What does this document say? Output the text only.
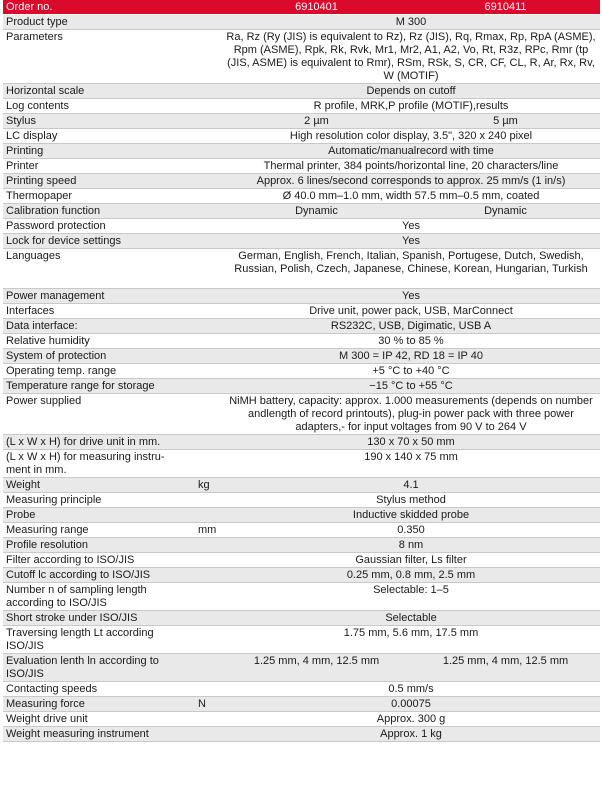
Order no.		6910401	6910411
Product type		M 300	
Parameters		Ra, Rz (Ry (JIS) is equivalent to Rz), Rz (JIS), Rq, Rmax, Rp, RpA (ASME), Rpm (ASME), Rpk, Rk, Rvk, Mr1, Mr2, A1, A2, Vo, Rt, R3z, RPc, Rmr (tp (JIS, ASME) is equivalent to Rmr), RSm, RSk, S, CR, CF, CL, R, Ar, Rx, Rv, W (MOTIF)	
Horizontal scale		Depends on cutoff	
Log contents		R profile, MRK,P profile (MOTIF),results	
Stylus		2 µm	5 µm
LC display		High resolution color display, 3.5", 320 x 240 pixel	
Printing		Automatic/manualrecord with time	
Printer		Thermal printer, 384 points/horizontal line, 20 characters/line	
Printing speed		Approx. 6 lines/second corresponds to approx. 25 mm/s (1 in/s)	
Thermopaper		Ø 40.0 mm–1.0 mm, width 57.5 mm–0.5 mm, coated	
Calibration function		Dynamic	Dynamic
Password protection		Yes	
Lock for device settings		Yes	
Languages		German, English, French, Italian, Spanish, Portugese, Dutch, Swedish, Russian, Polish, Czech, Japanese, Chinese, Korean, Hungarian, Turkish	
Power management		Yes	
Interfaces		Drive unit, power pack, USB, MarConnect	
Data interface:		RS232C, USB, Digimatic, USB A	
Relative humidity		30 % to 85 %	
System of protection		M 300 = IP 42, RD 18 = IP 40	
Operating temp. range		+5 °C to +40 °C	
Temperature range for storage		−15 °C to +55 °C	
Power supplied		NiMH battery, capacity: approx. 1.000 measurements (depends on number andlength of record printouts), plug-in power pack with three power adapters,- for input voltages from 90 V to 264 V	
(L x W x H) for drive unit in mm.		130 x 70 x 50 mm	
(L x W x H) for measuring instru- ment in mm.		190 x 140 x 75 mm	
Weight	kg	4.1	
Measuring principle		Stylus method	
Probe		Inductive skidded probe	
Measuring range	mm	0.350	
Profile resolution		8 nm	
Filter according to ISO/JIS		Gaussian filter, Ls filter	
Cutoff lc according to ISO/JIS		0.25 mm, 0.8 mm, 2.5 mm	
Number n of sampling length according to ISO/JIS		Selectable: 1–5	
Short stroke under ISO/JIS		Selectable	
Traversing length Lt according ISO/JIS		1.75 mm, 5.6 mm, 17.5 mm	
Evaluation lenth ln according to ISO/JIS		1.25 mm, 4 mm, 12.5 mm	1.25 mm, 4 mm, 12.5 mm
Contacting speeds		0.5 mm/s	
Measuring force	N	0.00075	
Weight drive unit		Approx. 300 g	
Weight measuring instrument		Approx. 1 kg	
